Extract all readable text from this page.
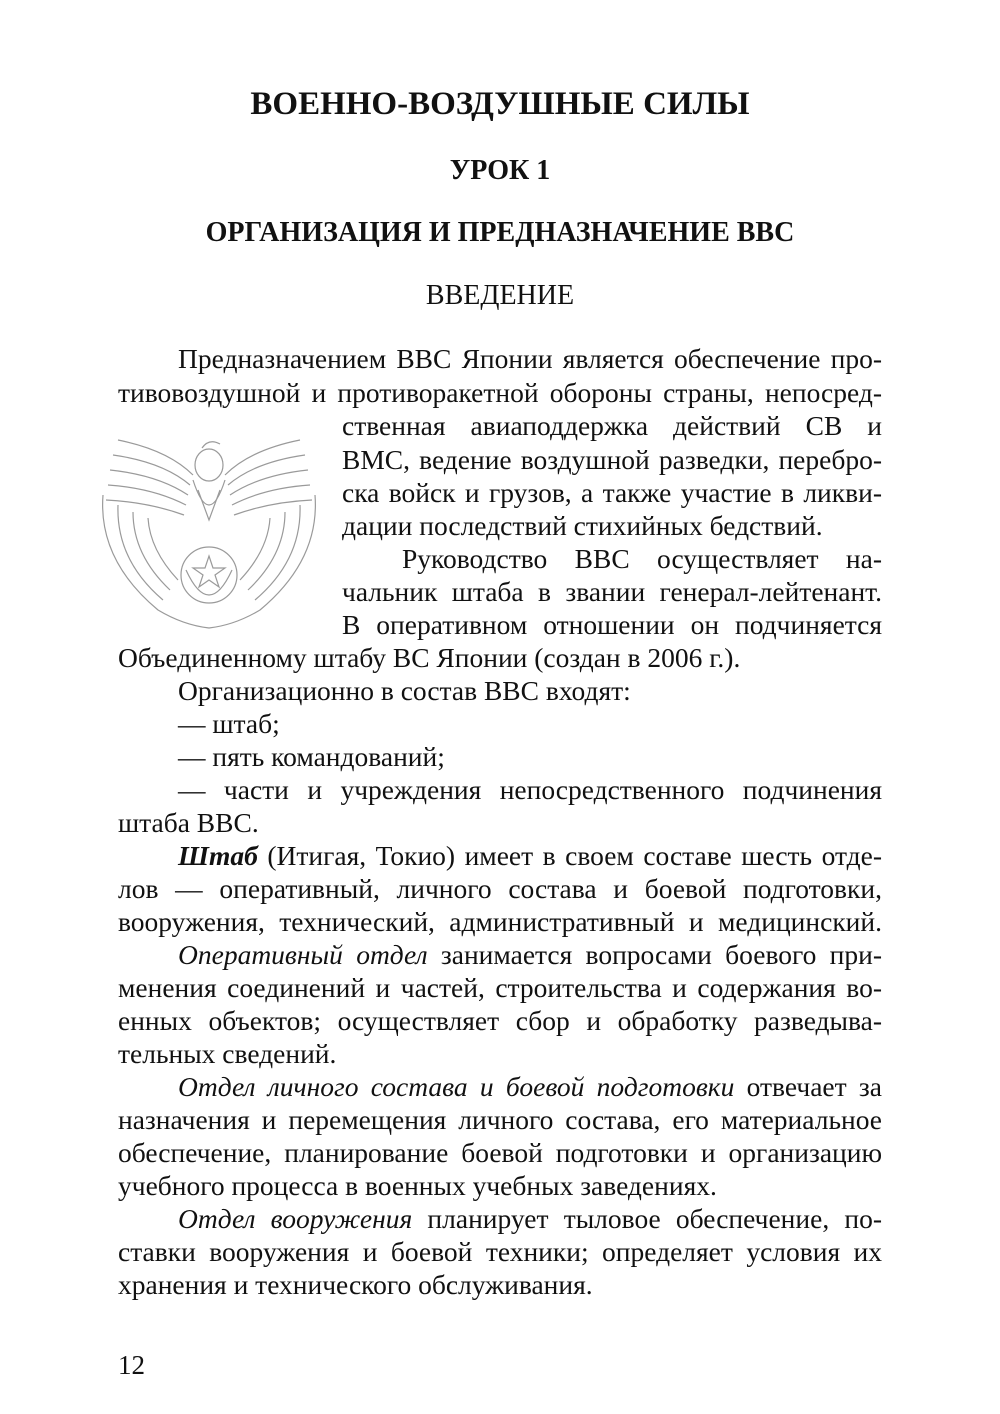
ВОЕННО-ВОЗДУШНЫЕ СИЛЫ
УРОК 1
ОРГАНИЗАЦИЯ И ПРЕДНАЗНАЧЕНИЕ ВВС
ВВЕДЕНИЕ

Предназначением ВВС Японии является обеспечение про-

тивовоздушной и противоракетной обороны страны, непосред-

ственная авиаподдержка действий СВ и

ВМС, ведение воздушной разведки, перебро-

ска войск и грузов, а также участие в ликви-

дации последствий стихийных бедствий.

Руководство ВВС осуществляет на-

чальник штаба в звании генерал-лейтенант.

В оперативном отношении он подчиняется

Объединенному штабу ВС Японии (создан в 2006 г.).

Организационно в состав ВВС входят:

— штаб;

— пять командований;

— части и учреждения непосредственного подчинения

штаба ВВС.

Штаб (Итигая, Токио) имеет в своем составе шесть отде-

лов — оперативный, личного состава и боевой подготовки,

вооружения, технический, административный и медицинский.

Оперативный отдел занимается вопросами боевого при-

менения соединений и частей, строительства и содержания во-

енных объектов; осуществляет сбор и обработку разведыва-

тельных сведений.

Отдел личного состава и боевой подготовки отвечает за

назначения и перемещения личного состава, его материальное

обеспечение, планирование боевой подготовки и организацию

учебного процесса в военных учебных заведениях.

Отдел вооружения планирует тыловое обеспечение, по-

ставки вооружения и боевой техники; определяет условия их

хранения и технического обслуживания.

12
